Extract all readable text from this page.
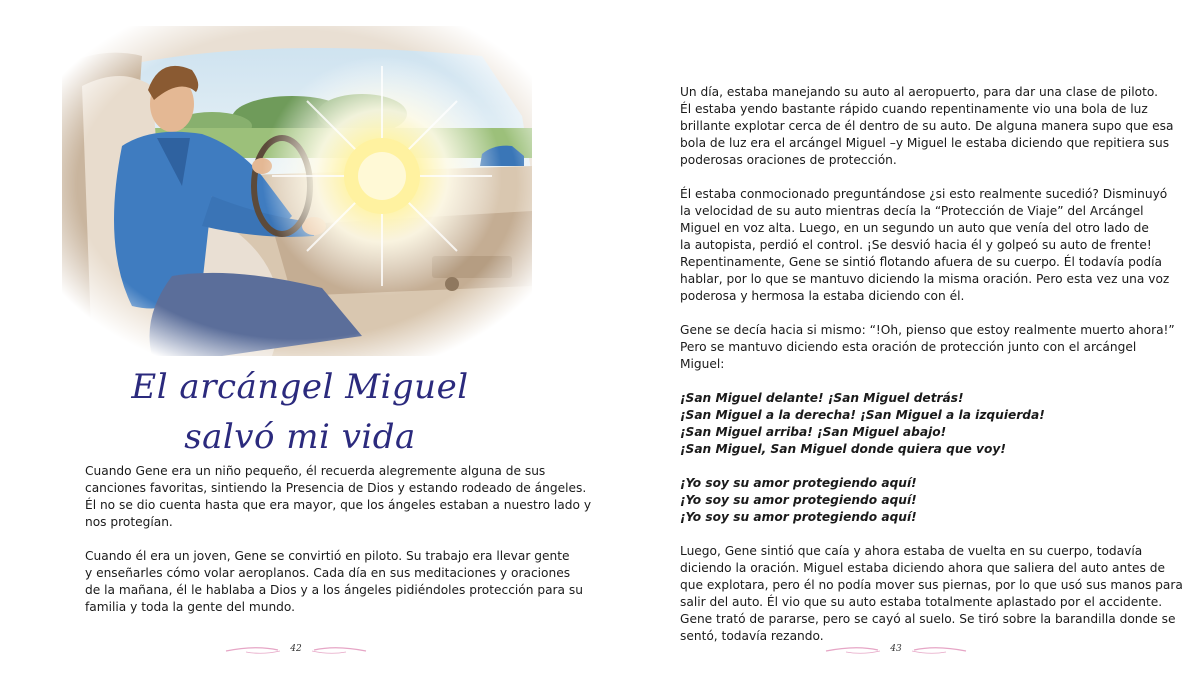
El arcángel Miguel
salvó mi vida

Cuando Gene era un niño pequeño, él recuerda alegremente alguna de sus
canciones favoritas, sintiendo la Presencia de Dios y estando rodeado de ángeles.
Él no se dio cuenta hasta que era mayor, que los ángeles estaban a nuestro lado y
nos protegían.

Cuando él era un joven, Gene se convirtió en piloto. Su trabajo era llevar gente
y enseñarles cómo volar aeroplanos. Cada día en sus meditaciones y oraciones
de la mañana, él le hablaba a Dios y a los ángeles pidiéndoles protección para su
familia y toda la gente del mundo.

42

Un día, estaba manejando su auto al aeropuerto, para dar una clase de piloto.
Él estaba yendo bastante rápido cuando repentinamente vio una bola de luz
brillante explotar cerca de él dentro de su auto. De alguna manera supo que esa
bola de luz era el arcángel Miguel –y Miguel le estaba diciendo que repitiera sus
poderosas oraciones de protección.

Él estaba conmocionado preguntándose ¿si esto realmente sucedió? Disminuyó
la velocidad de su auto mientras decía la “Protección de Viaje” del Arcángel
Miguel en voz alta. Luego, en un segundo un auto que venía del otro lado de
la autopista, perdió el control. ¡Se desvió hacia él y golpeó su auto de frente!
Repentinamente, Gene se sintió flotando afuera de su cuerpo. Él todavía podía
hablar, por lo que se mantuvo diciendo la misma oración. Pero esta vez una voz
poderosa y hermosa la estaba diciendo con él.

Gene se decía hacia si mismo: “!Oh, pienso que estoy realmente muerto ahora!”
Pero se mantuvo diciendo esta oración de protección junto con el arcángel
Miguel:

¡San Miguel delante! ¡San Miguel detrás!
¡San Miguel a la derecha! ¡San Miguel a la izquierda!
¡San Miguel arriba! ¡San Miguel abajo!
¡San Miguel, San Miguel donde quiera que voy!

¡Yo soy su amor protegiendo aquí!
¡Yo soy su amor protegiendo aquí!
¡Yo soy su amor protegiendo aquí!

Luego, Gene sintió que caía y ahora estaba de vuelta en su cuerpo, todavía
diciendo la oración. Miguel estaba diciendo ahora que saliera del auto antes de
que explotara, pero él no podía mover sus piernas, por lo que usó sus manos para
salir del auto. Él vio que su auto estaba totalmente aplastado por el accidente.
Gene trató de pararse, pero se cayó al suelo. Se tiró sobre la barandilla donde se
sentó, todavía rezando.

43
